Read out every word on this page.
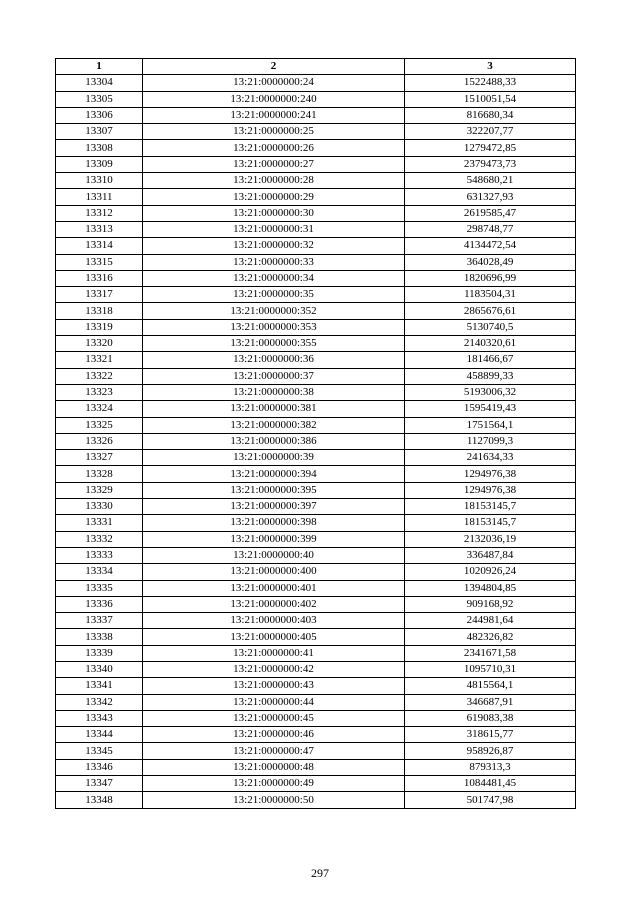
1	2	3
13304	13:21:0000000:24	1522488,33
13305	13:21:0000000:240	1510051,54
13306	13:21:0000000:241	816680,34
13307	13:21:0000000:25	322207,77
13308	13:21:0000000:26	1279472,85
13309	13:21:0000000:27	2379473,73
13310	13:21:0000000:28	548680,21
13311	13:21:0000000:29	631327,93
13312	13:21:0000000:30	2619585,47
13313	13:21:0000000:31	298748,77
13314	13:21:0000000:32	4134472,54
13315	13:21:0000000:33	364028,49
13316	13:21:0000000:34	1820696,99
13317	13:21:0000000:35	1183504,31
13318	13:21:0000000:352	2865676,61
13319	13:21:0000000:353	5130740,5
13320	13:21:0000000:355	2140320,61
13321	13:21:0000000:36	181466,67
13322	13:21:0000000:37	458899,33
13323	13:21:0000000:38	5193006,32
13324	13:21:0000000:381	1595419,43
13325	13:21:0000000:382	1751564,1
13326	13:21:0000000:386	1127099,3
13327	13:21:0000000:39	241634,33
13328	13:21:0000000:394	1294976,38
13329	13:21:0000000:395	1294976,38
13330	13:21:0000000:397	18153145,7
13331	13:21:0000000:398	18153145,7
13332	13:21:0000000:399	2132036,19
13333	13:21:0000000:40	336487,84
13334	13:21:0000000:400	1020926,24
13335	13:21:0000000:401	1394804,85
13336	13:21:0000000:402	909168,92
13337	13:21:0000000:403	244981,64
13338	13:21:0000000:405	482326,82
13339	13:21:0000000:41	2341671,58
13340	13:21:0000000:42	1095710,31
13341	13:21:0000000:43	4815564,1
13342	13:21:0000000:44	346687,91
13343	13:21:0000000:45	619083,38
13344	13:21:0000000:46	318615,77
13345	13:21:0000000:47	958926,87
13346	13:21:0000000:48	879313,3
13347	13:21:0000000:49	1084481,45
13348	13:21:0000000:50	501747,98
297
